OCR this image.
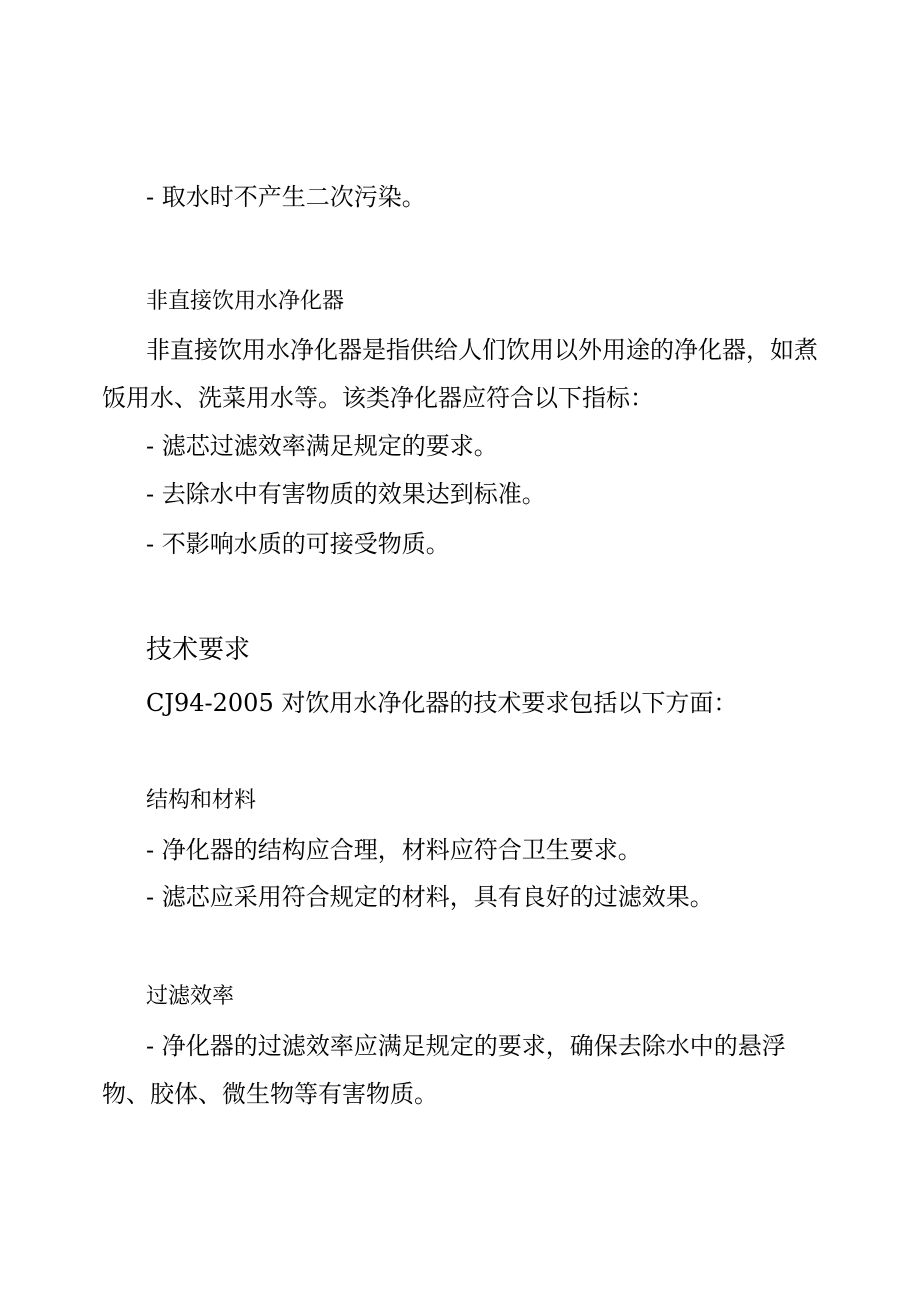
- 取水时不产生二次污染。
非直接饮用水净化器
非直接饮用水净化器是指供给人们饮用以外用途的净化器，如煮
饭用水、洗菜用水等。该类净化器应符合以下指标：
- 滤芯过滤效率满足规定的要求。
- 去除水中有害物质的效果达到标准。
- 不影响水质的可接受物质。
技术要求
CJ94-2005 对饮用水净化器的技术要求包括以下方面：
结构和材料
- 净化器的结构应合理，材料应符合卫生要求。
- 滤芯应采用符合规定的材料，具有良好的过滤效果。
过滤效率
- 净化器的过滤效率应满足规定的要求，确保去除水中的悬浮
物、胶体、微生物等有害物质。
